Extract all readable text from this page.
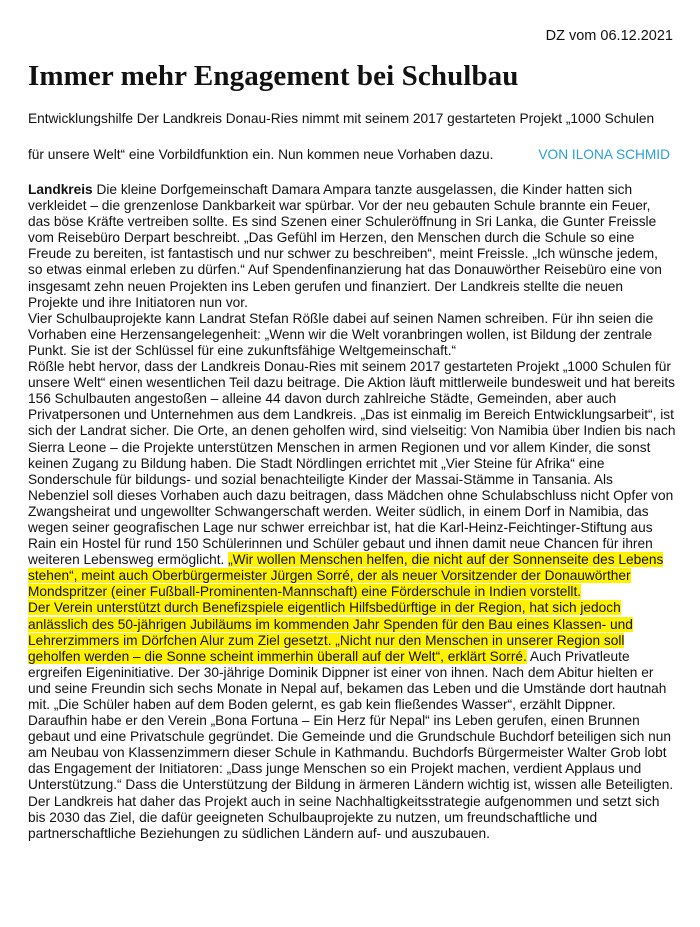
DZ vom 06.12.2021
Immer mehr Engagement bei Schulbau
Entwicklungshilfe Der Landkreis Donau-Ries nimmt mit seinem 2017 gestarteten Projekt „1000 Schulen
für unsere Welt“ eine Vorbildfunktion ein. Nun kommen neue Vorhaben dazu.	VON ILONA SCHMID

Landkreis Die kleine Dorfgemeinschaft Damara Ampara tanzte ausgelassen, die Kinder hatten sich verkleidet – die grenzenlose Dankbarkeit war spürbar. Vor der neu gebauten Schule brannte ein Feuer, das böse Kräfte vertreiben sollte. Es sind Szenen einer Schuleröffnung in Sri Lanka, die Gunter Freissle vom Reisebüro Derpart beschreibt. „Das Gefühl im Herzen, den Menschen durch die Schule so eine Freude zu bereiten, ist fantastisch und nur schwer zu beschreiben“, meint Freissle. „Ich wünsche jedem, so etwas einmal erleben zu dürfen.“ Auf Spendenfinanzierung hat das Donauwörther Reisebüro eine von insgesamt zehn neuen Projekten ins Leben gerufen und finanziert. Der Landkreis stellte die neuen Projekte und ihre Initiatoren nun vor.

Vier Schulbauprojekte kann Landrat Stefan Rößle dabei auf seinen Namen schreiben. Für ihn seien die Vorhaben eine Herzensangelegenheit: „Wenn wir die Welt voranbringen wollen, ist Bildung der zentrale Punkt. Sie ist der Schlüssel für eine zukunftsfähige Weltgemeinschaft.“

Rößle hebt hervor, dass der Landkreis Donau-Ries mit seinem 2017 gestarteten Projekt „1000 Schulen für unsere Welt“ einen wesentlichen Teil dazu beitrage. Die Aktion läuft mittlerweile bundesweit und hat bereits 156 Schulbauten angestoßen – alleine 44 davon durch zahlreiche Städte, Gemeinden, aber auch Privatpersonen und Unternehmen aus dem Landkreis. „Das ist einmalig im Bereich Entwicklungsarbeit“, ist sich der Landrat sicher. Die Orte, an denen geholfen wird, sind vielseitig: Von Namibia über Indien bis nach Sierra Leone – die Projekte unterstützen Menschen in armen Regionen und vor allem Kinder, die sonst keinen Zugang zu Bildung haben. Die Stadt Nördlingen errichtet mit „Vier Steine für Afrika“ eine Sonderschule für bildungs- und sozial benachteiligte Kinder der Massai-Stämme in Tansania. Als Nebenziel soll dieses Vorhaben auch dazu beitragen, dass Mädchen ohne Schulabschluss nicht Opfer von Zwangsheirat und ungewollter Schwangerschaft werden. Weiter südlich, in einem Dorf in Namibia, das wegen seiner geografischen Lage nur schwer erreichbar ist, hat die Karl-Heinz-Feichtinger-Stiftung aus Rain ein Hostel für rund 150 Schülerinnen und Schüler gebaut und ihnen damit neue Chancen für ihren weiteren Lebensweg ermöglicht. „Wir wollen Menschen helfen, die nicht auf der Sonnenseite des Lebens stehen“, meint auch Oberbürgermeister Jürgen Sorré, der als neuer Vorsitzender der Donauwörther Mondspritzer (einer Fußball-Prominenten-Mannschaft) eine Förderschule in Indien vorstellt.

Der Verein unterstützt durch Benefizspiele eigentlich Hilfsbedürftige in der Region, hat sich jedoch anlässlich des 50-jährigen Jubiläums im kommenden Jahr Spenden für den Bau eines Klassen- und Lehrerzimmers im Dörfchen Alur zum Ziel gesetzt. „Nicht nur den Menschen in unserer Region soll geholfen werden – die Sonne scheint immerhin überall auf der Welt“, erklärt Sorré. Auch Privatleute ergreifen Eigeninitiative. Der 30-jährige Dominik Dippner ist einer von ihnen. Nach dem Abitur hielten er und seine Freundin sich sechs Monate in Nepal auf, bekamen das Leben und die Umstände dort hautnah mit. „Die Schüler haben auf dem Boden gelernt, es gab kein fließendes Wasser“, erzählt Dippner.

Daraufhin habe er den Verein „Bona Fortuna – Ein Herz für Nepal“ ins Leben gerufen, einen Brunnen gebaut und eine Privatschule gegründet. Die Gemeinde und die Grundschule Buchdorf beteiligen sich nun am Neubau von Klassenzimmern dieser Schule in Kathmandu. Buchdorfs Bürgermeister Walter Grob lobt das Engagement der Initiatoren: „Dass junge Menschen so ein Projekt machen, verdient Applaus und Unterstützung.“ Dass die Unterstützung der Bildung in ärmeren Ländern wichtig ist, wissen alle Beteiligten. Der Landkreis hat daher das Projekt auch in seine Nachhaltigkeitsstrategie aufgenommen und setzt sich bis 2030 das Ziel, die dafür geeigneten Schulbauprojekte zu nutzen, um freundschaftliche und partnerschaftliche Beziehungen zu südlichen Ländern auf- und auszubauen.
